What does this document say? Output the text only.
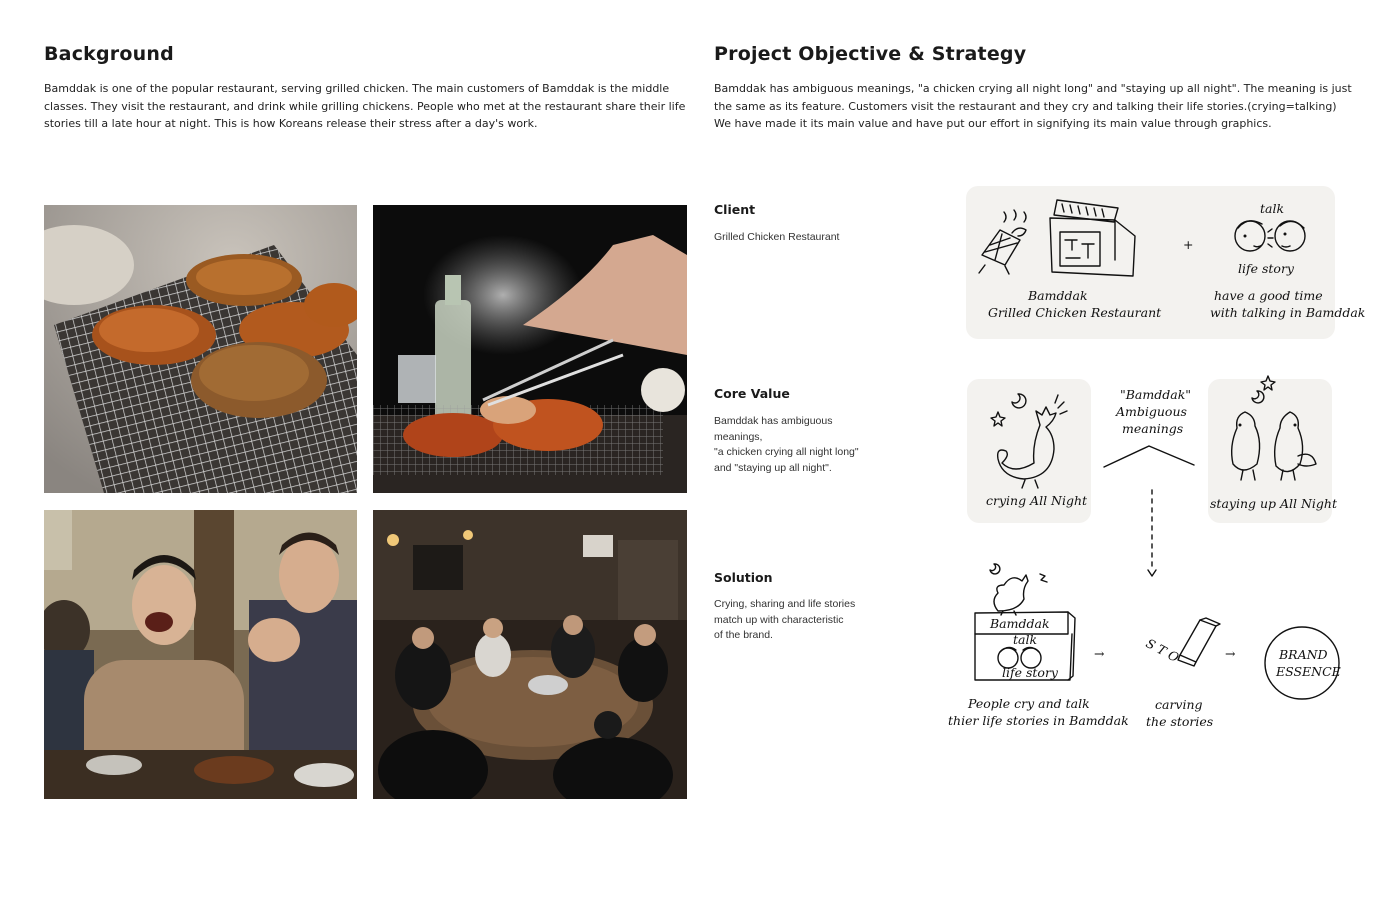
Background
Bamddak is one of the popular restaurant, serving grilled chicken. The main customers of Bamddak is the middle classes. They visit the restaurant, and drink while grilling chickens. People who met at the restaurant share their life stories till a late hour at night. This is how Koreans release their stress after a day's work.
Project Objective & Strategy
Bamddak has ambiguous meanings, "a chicken crying all night long" and "staying up all night". The meaning is just the same as its feature. Customers visit the restaurant and they cry and talking their life stories.(crying=talking) We have made it its main value and have put our effort in signifying its main value through graphics.
Client
Grilled Chicken Restaurant
Core Value
Bamddak has ambiguous
meanings,
"a chicken crying all night long"
and "staying up all night".
Solution
Crying, sharing and life stories
match up with characteristic
of the brand.
+
talk
life story
Bamddak
Grilled Chicken Restaurant
have a good time
with talking in Bamddak
crying All Night
"Bamddak"
Ambiguous
meanings
staying up All Night
Bamddak
talk
life story
People cry and talk
thier life stories in Bamddak
→	S T O
carving
the stories
→	BRAND
ESSENCE
